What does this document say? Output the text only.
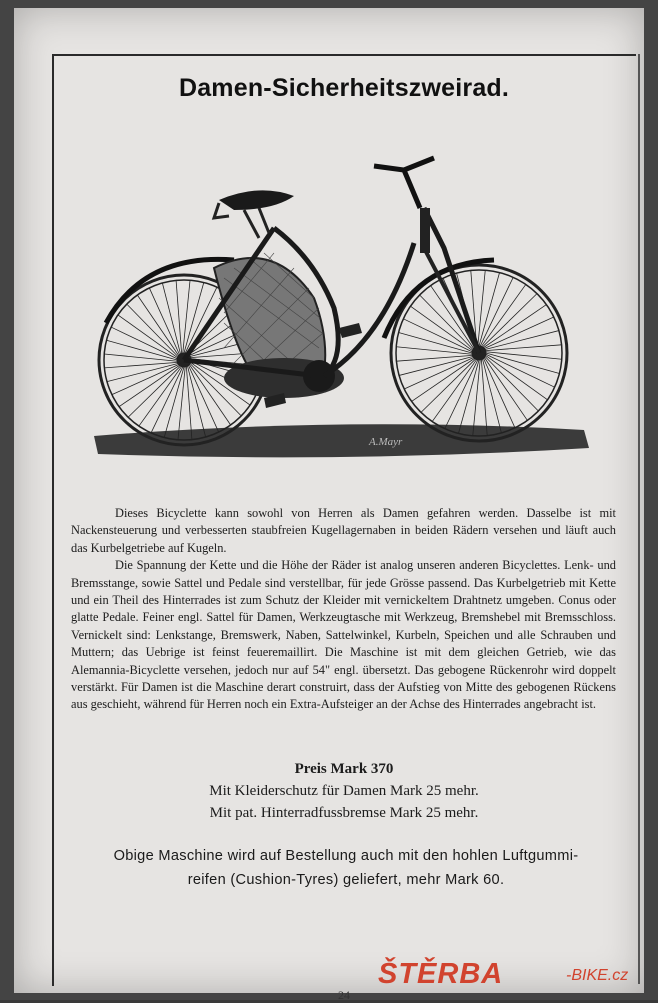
Damen-Sicherheitszweirad.
A.Mayr

Dieses Bicyclette kann sowohl von Herren als Damen gefahren werden. Dasselbe ist mit Nackensteuerung und verbesserten staubfreien Kugellagernaben in beiden Rädern versehen und läuft auch das Kurbelgetriebe auf Kugeln.

Die Spannung der Kette und die Höhe der Räder ist analog unseren anderen Bicyclettes. Lenk- und Bremsstange, sowie Sattel und Pedale sind verstellbar, für jede Grösse passend. Das Kurbelgetrieb mit Kette und ein Theil des Hinterrades ist zum Schutz der Kleider mit vernickeltem Drahtnetz umgeben. Conus oder glatte Pedale. Feiner engl. Sattel für Damen, Werkzeugtasche mit Werkzeug, Bremshebel mit Bremsschloss. Vernickelt sind: Lenkstange, Bremswerk, Naben, Sattelwinkel, Kurbeln, Speichen und alle Schrauben und Muttern; das Uebrige ist feinst feueremaillirt. Die Maschine ist mit dem gleichen Getrieb, wie das Alemannia-Bicyclette versehen, jedoch nur auf 54" engl. übersetzt. Das gebogene Rückenrohr wird doppelt verstärkt. Für Damen ist die Maschine derart construirt, dass der Aufstieg von Mitte des gebogenen Rückens aus geschieht, während für Herren noch ein Extra-Aufsteiger an der Achse des Hinterrades angebracht ist.

Preis Mark 370
Mit Kleiderschutz für Damen Mark 25 mehr.
Mit pat. Hinterradfussbremse Mark 25 mehr.
Obige Maschine wird auf Bestellung auch mit den hohlen Luftgummi-
reifen (Cushion-Tyres) geliefert, mehr Mark 60.
24
ŠTĚRBA	-BIKE.cz
